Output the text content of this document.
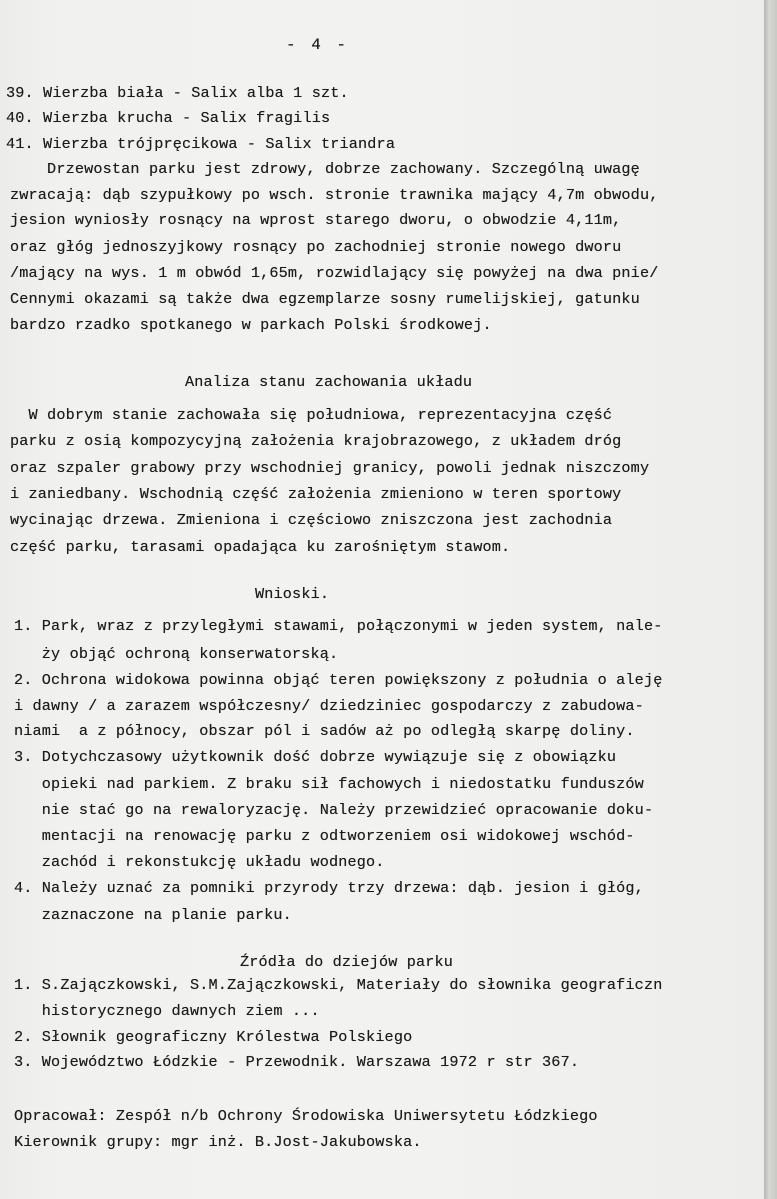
- 4 -
39. Wierzba biała - Salix alba 1 szt.
40. Wierzba krucha - Salix fragilis
41. Wierzba trójpręcikowa - Salix triandra
Drzewostan parku jest zdrowy, dobrze zachowany. Szczególną uwagę
zwracają: dąb szypułkowy po wsch. stronie trawnika mający 4,7m obwodu,
jesion wyniosły rosnący na wprost starego dworu, o obwodzie 4,11m,
oraz głóg jednoszyjkowy rosnący po zachodniej stronie nowego dworu
/mający na wys. 1 m obwód 1,65m, rozwidlający się powyżej na dwa pnie/
Cennymi okazami są także dwa egzemplarze sosny rumelijskiej, gatunku
bardzo rzadko spotkanego w parkach Polski środkowej.
Analiza stanu zachowania układu
W dobrym stanie zachowała się południowa, reprezentacyjna część
parku z osią kompozycyjną założenia krajobrazowego, z układem dróg
oraz szpaler grabowy przy wschodniej granicy, powoli jednak niszczomy
i zaniedbany. Wschodnią część założenia zmieniono w teren sportowy
wycinając drzewa. Zmieniona i częściowo zniszczona jest zachodnia
część parku, tarasami opadająca ku zarośniętym stawom.
Wnioski.
1. Park, wraz z przyległymi stawami, połączonymi w jeden system, nale-
ży objąć ochroną konserwatorską.
2. Ochrona widokowa powinna objąć teren powiększony z południa o aleję
i dawny / a zarazem współczesny/ dziedziniec gospodarczy z zabudowa-
niami  a z północy, obszar pól i sadów aż po odległą skarpę doliny.
3. Dotychczasowy użytkownik dość dobrze wywiązuje się z obowiązku
opieki nad parkiem. Z braku sił fachowych i niedostatku funduszów
nie stać go na rewaloryzację. Należy przewidzieć opracowanie doku-
mentacji na renowację parku z odtworzeniem osi widokowej wschód-
zachód i rekonstukcję układu wodnego.
4. Należy uznać za pomniki przyrody trzy drzewa: dąb. jesion i głóg,
zaznaczone na planie parku.
Źródła do dziejów parku
1. S.Zajączkowski, S.M.Zajączkowski, Materiały do słownika geograficzn
historycznego dawnych ziem ...
2. Słownik geograficzny Królestwa Polskiego
3. Województwo Łódzkie - Przewodnik. Warszawa 1972 r str 367.
Opracował: Zespół n/b Ochrony Środowiska Uniwersytetu Łódzkiego
Kierownik grupy: mgr inż. B.Jost-Jakubowska.
